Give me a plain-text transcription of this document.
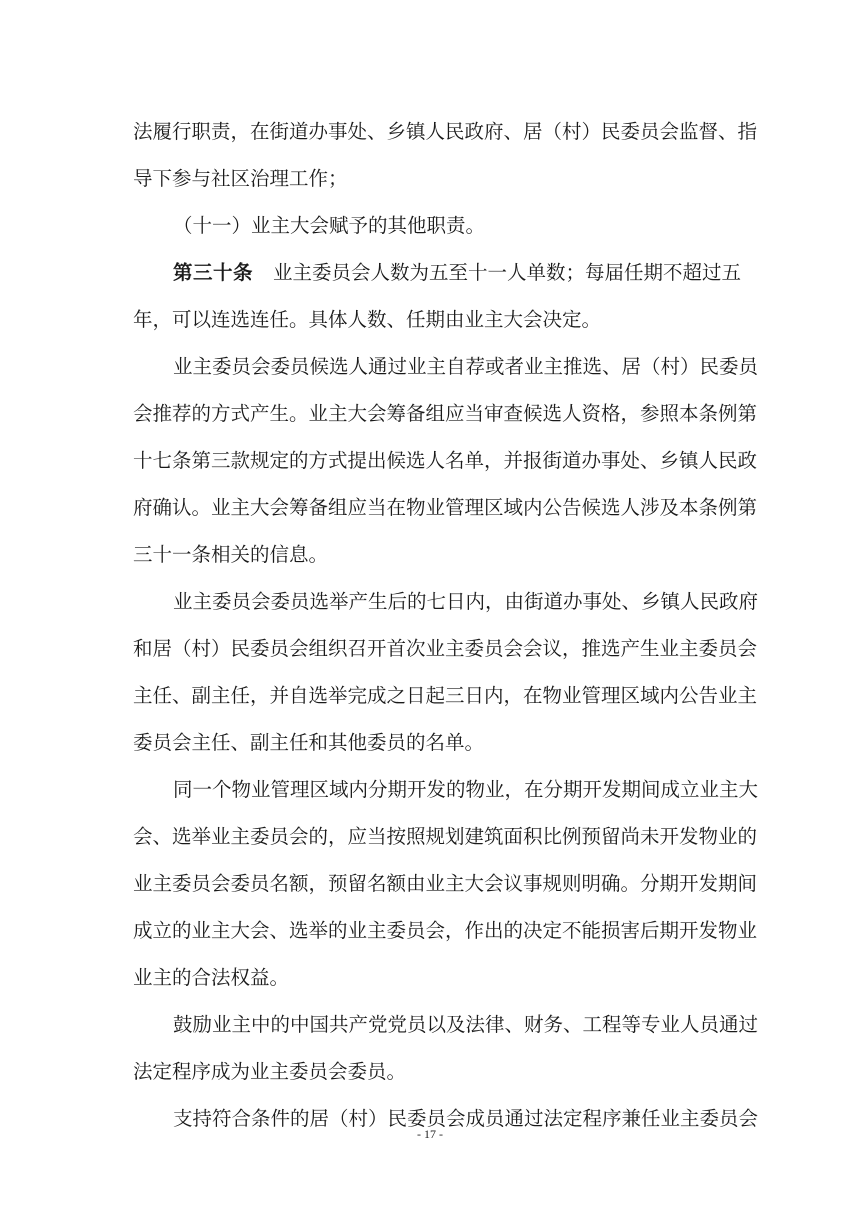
法履行职责，在街道办事处、乡镇人民政府、居（村）民委员会监督、指
导下参与社区治理工作；
（十一）业主大会赋予的其他职责。
第三十条 业主委员会人数为五至十一人单数；每届任期不超过五
年，可以连选连任。具体人数、任期由业主大会决定。
业主委员会委员候选人通过业主自荐或者业主推选、居（村）民委员
会推荐的方式产生。业主大会筹备组应当审查候选人资格，参照本条例第
十七条第三款规定的方式提出候选人名单，并报街道办事处、乡镇人民政
府确认。业主大会筹备组应当在物业管理区域内公告候选人涉及本条例第
三十一条相关的信息。
业主委员会委员选举产生后的七日内，由街道办事处、乡镇人民政府
和居（村）民委员会组织召开首次业主委员会会议，推选产生业主委员会
主任、副主任，并自选举完成之日起三日内，在物业管理区域内公告业主
委员会主任、副主任和其他委员的名单。
同一个物业管理区域内分期开发的物业，在分期开发期间成立业主大
会、选举业主委员会的，应当按照规划建筑面积比例预留尚未开发物业的
业主委员会委员名额，预留名额由业主大会议事规则明确。分期开发期间
成立的业主大会、选举的业主委员会，作出的决定不能损害后期开发物业
业主的合法权益。
鼓励业主中的中国共产党党员以及法律、财务、工程等专业人员通过
法定程序成为业主委员会委员。
支持符合条件的居（村）民委员会成员通过法定程序兼任业主委员会
- 17 -
